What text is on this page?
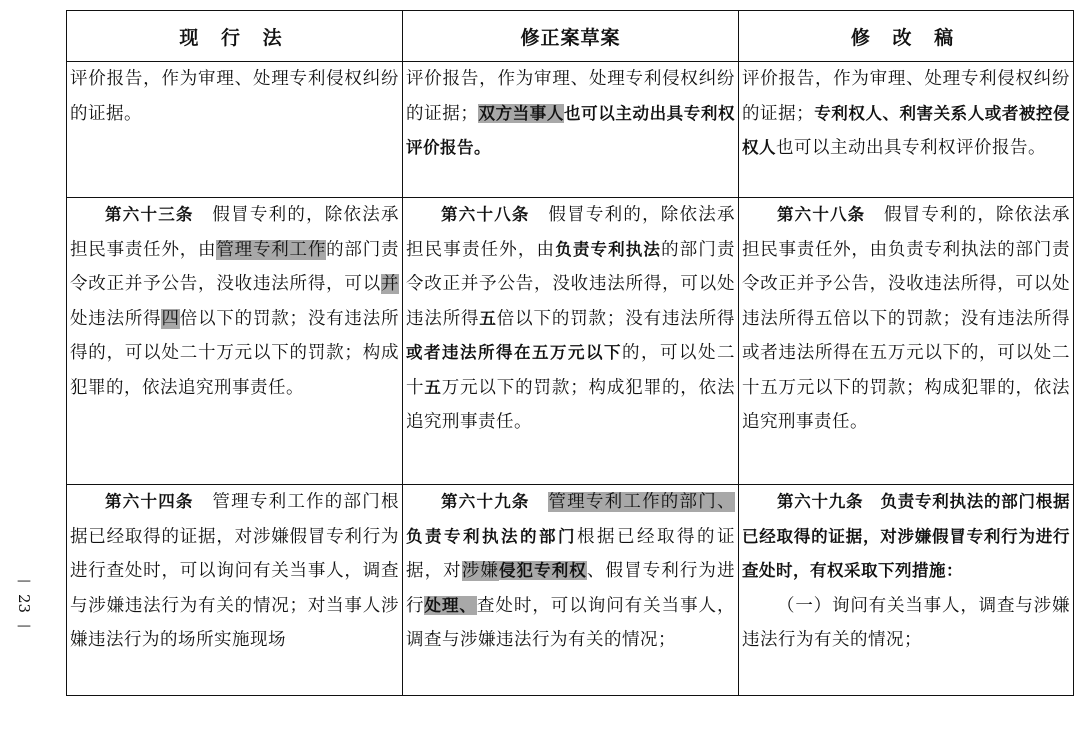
—
23
—
现 行 法	修正案草案	修 改 稿
评价报告，作为审理、处理专利侵权纠纷的证据。	评价报告，作为审理、处理专利侵权纠纷的证据；双方当事人也可以主动出具专利权评价报告。	评价报告，作为审理、处理专利侵权纠纷的证据；专利权人、利害关系人或者被控侵权人也可以主动出具专利权评价报告。
第六十三条　假冒专利的，除依法承担民事责任外，由管理专利工作的部门责令改正并予公告，没收违法所得，可以并处违法所得四倍以下的罚款；没有违法所得的，可以处二十万元以下的罚款；构成犯罪的，依法追究刑事责任。	第六十八条　假冒专利的，除依法承担民事责任外，由负责专利执法的部门责令改正并予公告，没收违法所得，可以处违法所得五倍以下的罚款；没有违法所得或者违法所得在五万元以下的，可以处二十五万元以下的罚款；构成犯罪的，依法追究刑事责任。	第六十八条　假冒专利的，除依法承担民事责任外，由负责专利执法的部门责令改正并予公告，没收违法所得，可以处违法所得五倍以下的罚款；没有违法所得或者违法所得在五万元以下的，可以处二十五万元以下的罚款；构成犯罪的，依法追究刑事责任。
第六十四条　管理专利工作的部门根据已经取得的证据，对涉嫌假冒专利行为进行查处时，可以询问有关当事人，调查与涉嫌违法行为有关的情况；对当事人涉嫌违法行为的场所实施现场	第六十九条　 管理专利工作的部门、负责专利执法的部门根据已经取得的证据，对涉嫌侵犯专利权、假冒专利行为进行处理、查处时，可以询问有关当事人，调查与涉嫌违法行为有关的情况；	第六十九条　负责专利执法的部门根据已经取得的证据，对涉嫌假冒专利行为进行查处时，有权采取下列措施：
（一）询问有关当事人，调查与涉嫌违法行为有关的情况；
